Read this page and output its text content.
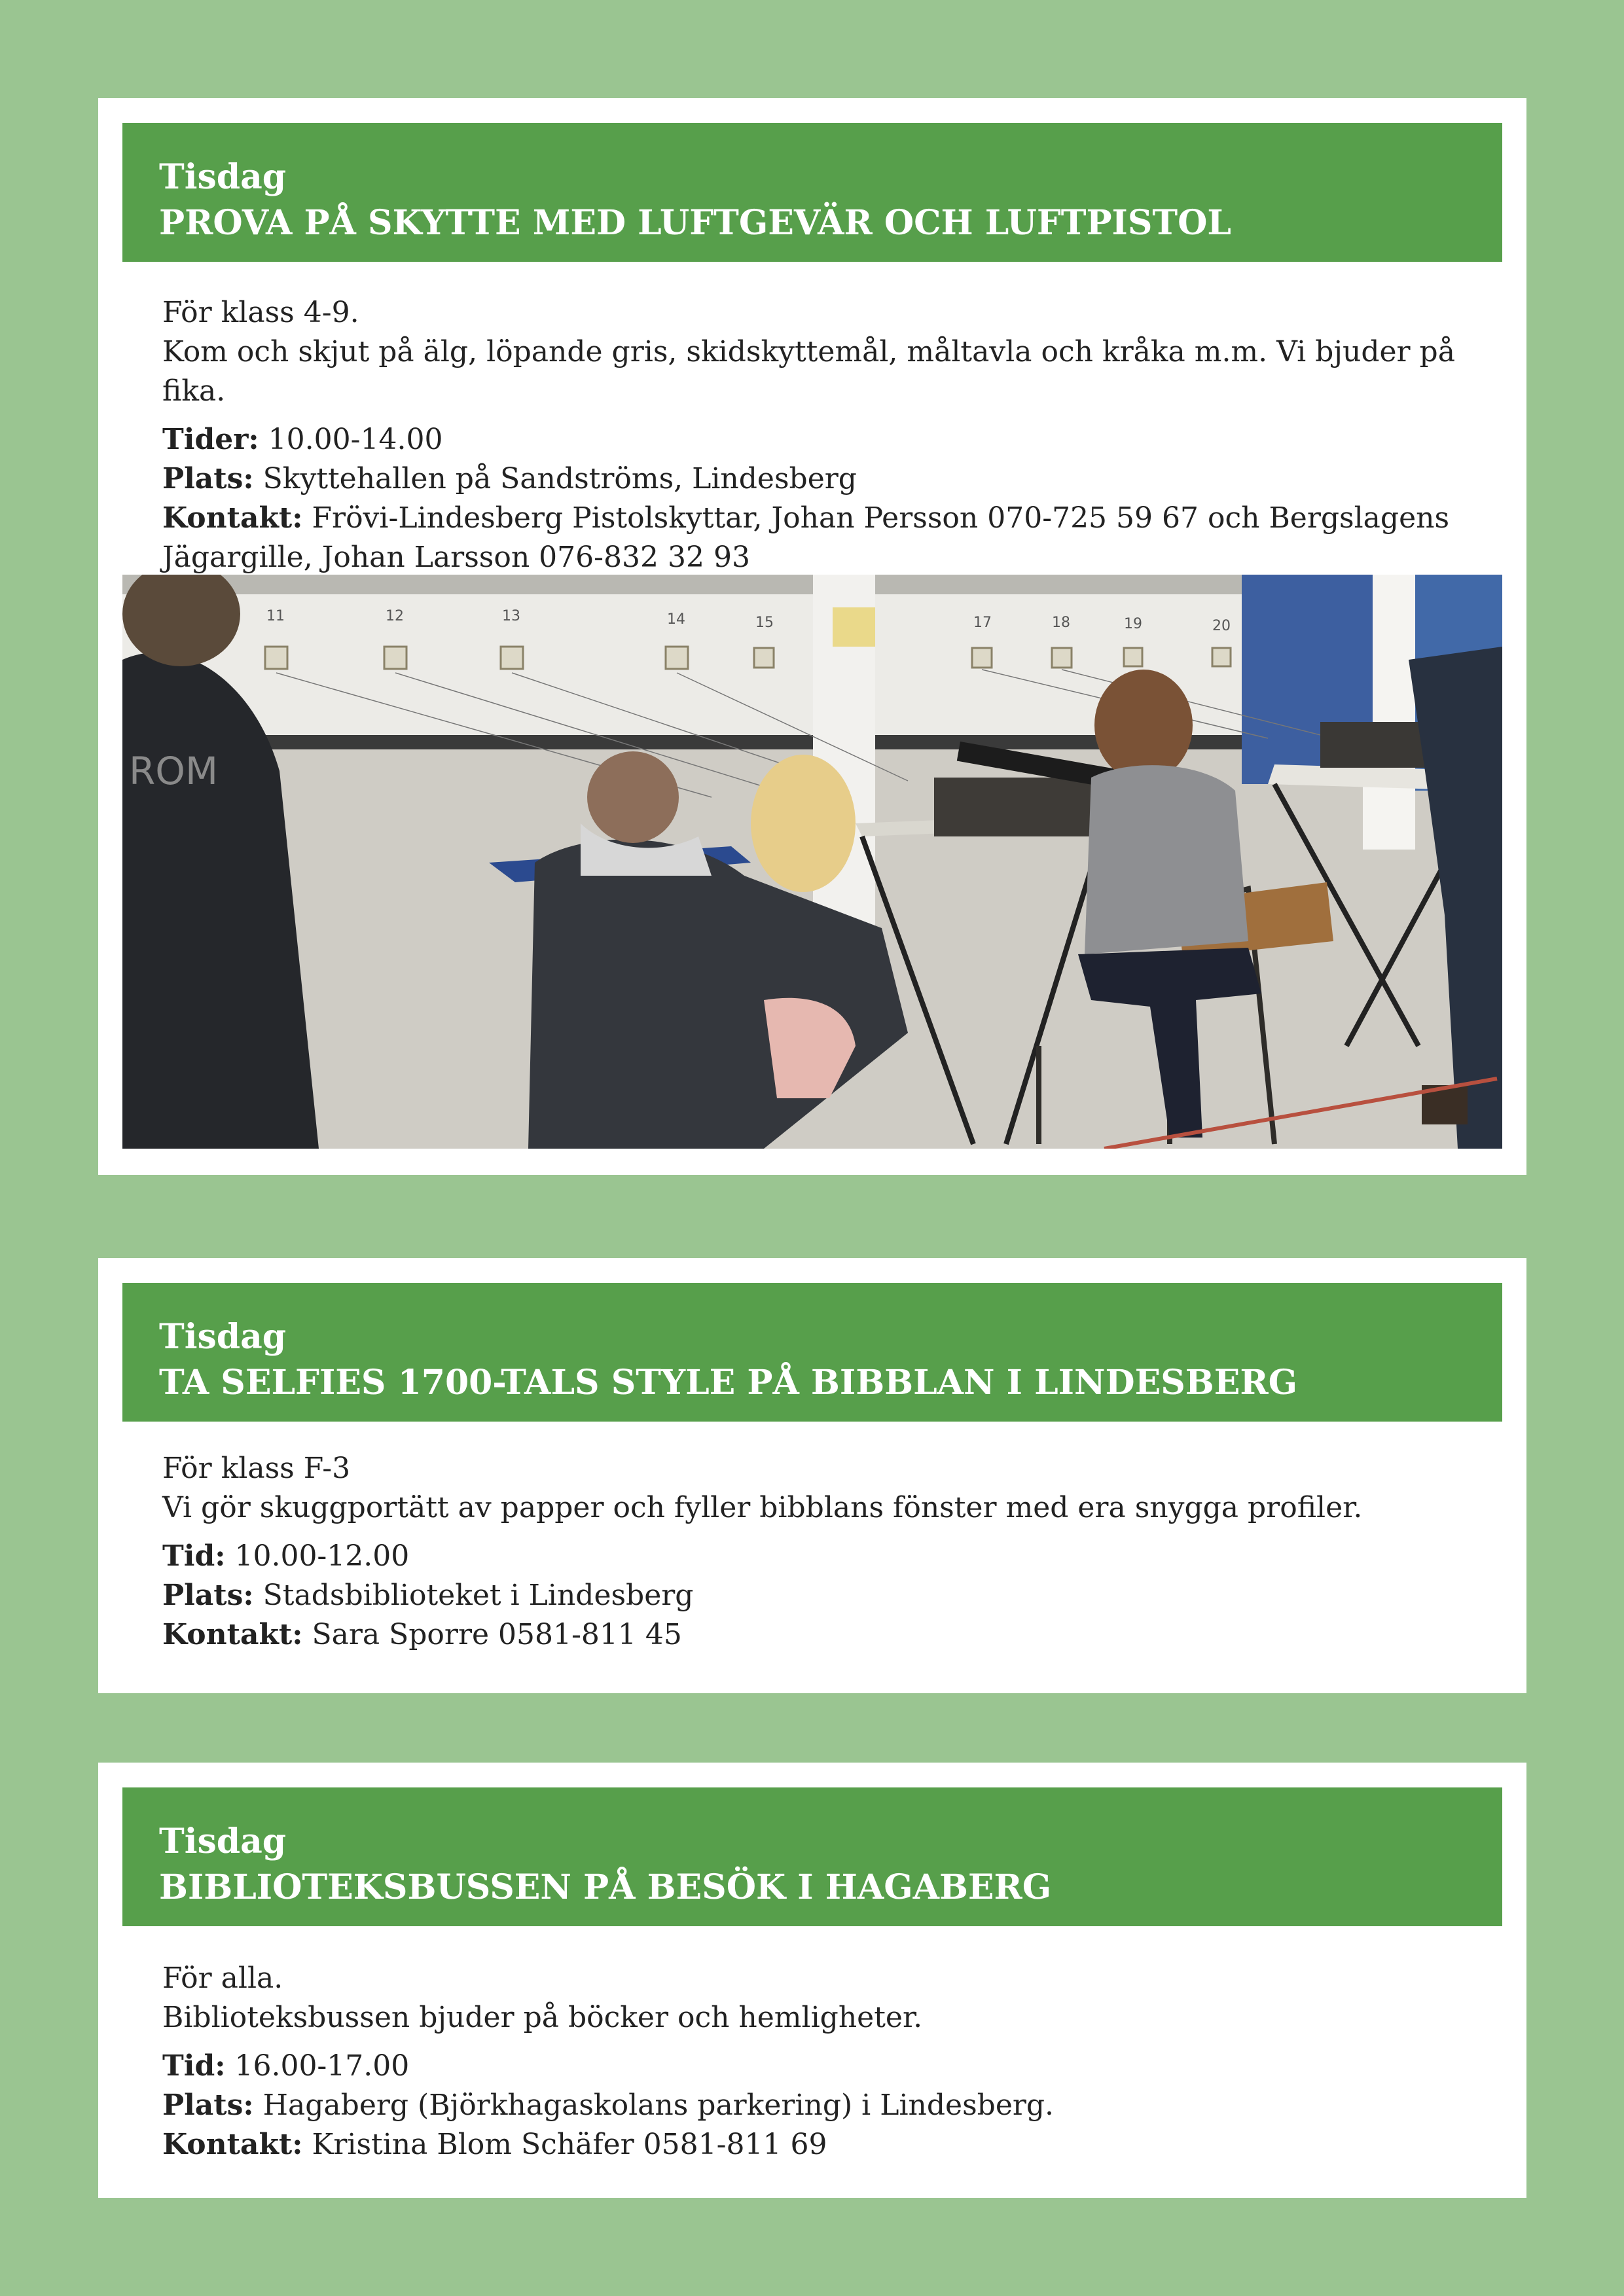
Tisdag
PROVA PÅ SKYTTE MED LUFTGEVÄR OCH LUFTPISTOL

För klass 4-9.

Kom och skjut på älg, löpande gris, skidskyttemål, måltavla och kråka m.m. Vi bjuder på fika.

Tider: 10.00-14.00

Plats: Skyttehallen på Sandströms, Lindesberg

Kontakt: Frövi-Lindesberg Pistolskyttar, Johan Persson 070-725 59 67 och Bergslagens

Jägargille, Johan Larsson 076-832 32 93

11	12	13	14	15	17	18	19	20
ROM
Tisdag
TA SELFIES 1700-TALS STYLE PÅ BIBBLAN I LINDESBERG

För klass F-3

Vi gör skuggportätt av papper och fyller bibblans fönster med era snygga profiler.

Tid: 10.00-12.00

Plats: Stadsbiblioteket i Lindesberg

Kontakt: Sara Sporre 0581-811 45

Tisdag
BIBLIOTEKSBUSSEN PÅ BESÖK I HAGABERG

För alla.

Biblioteksbussen bjuder på böcker och hemligheter.

Tid: 16.00-17.00

Plats: Hagaberg (Björkhagaskolans parkering) i Lindesberg.

Kontakt: Kristina Blom Schäfer 0581-811 69
